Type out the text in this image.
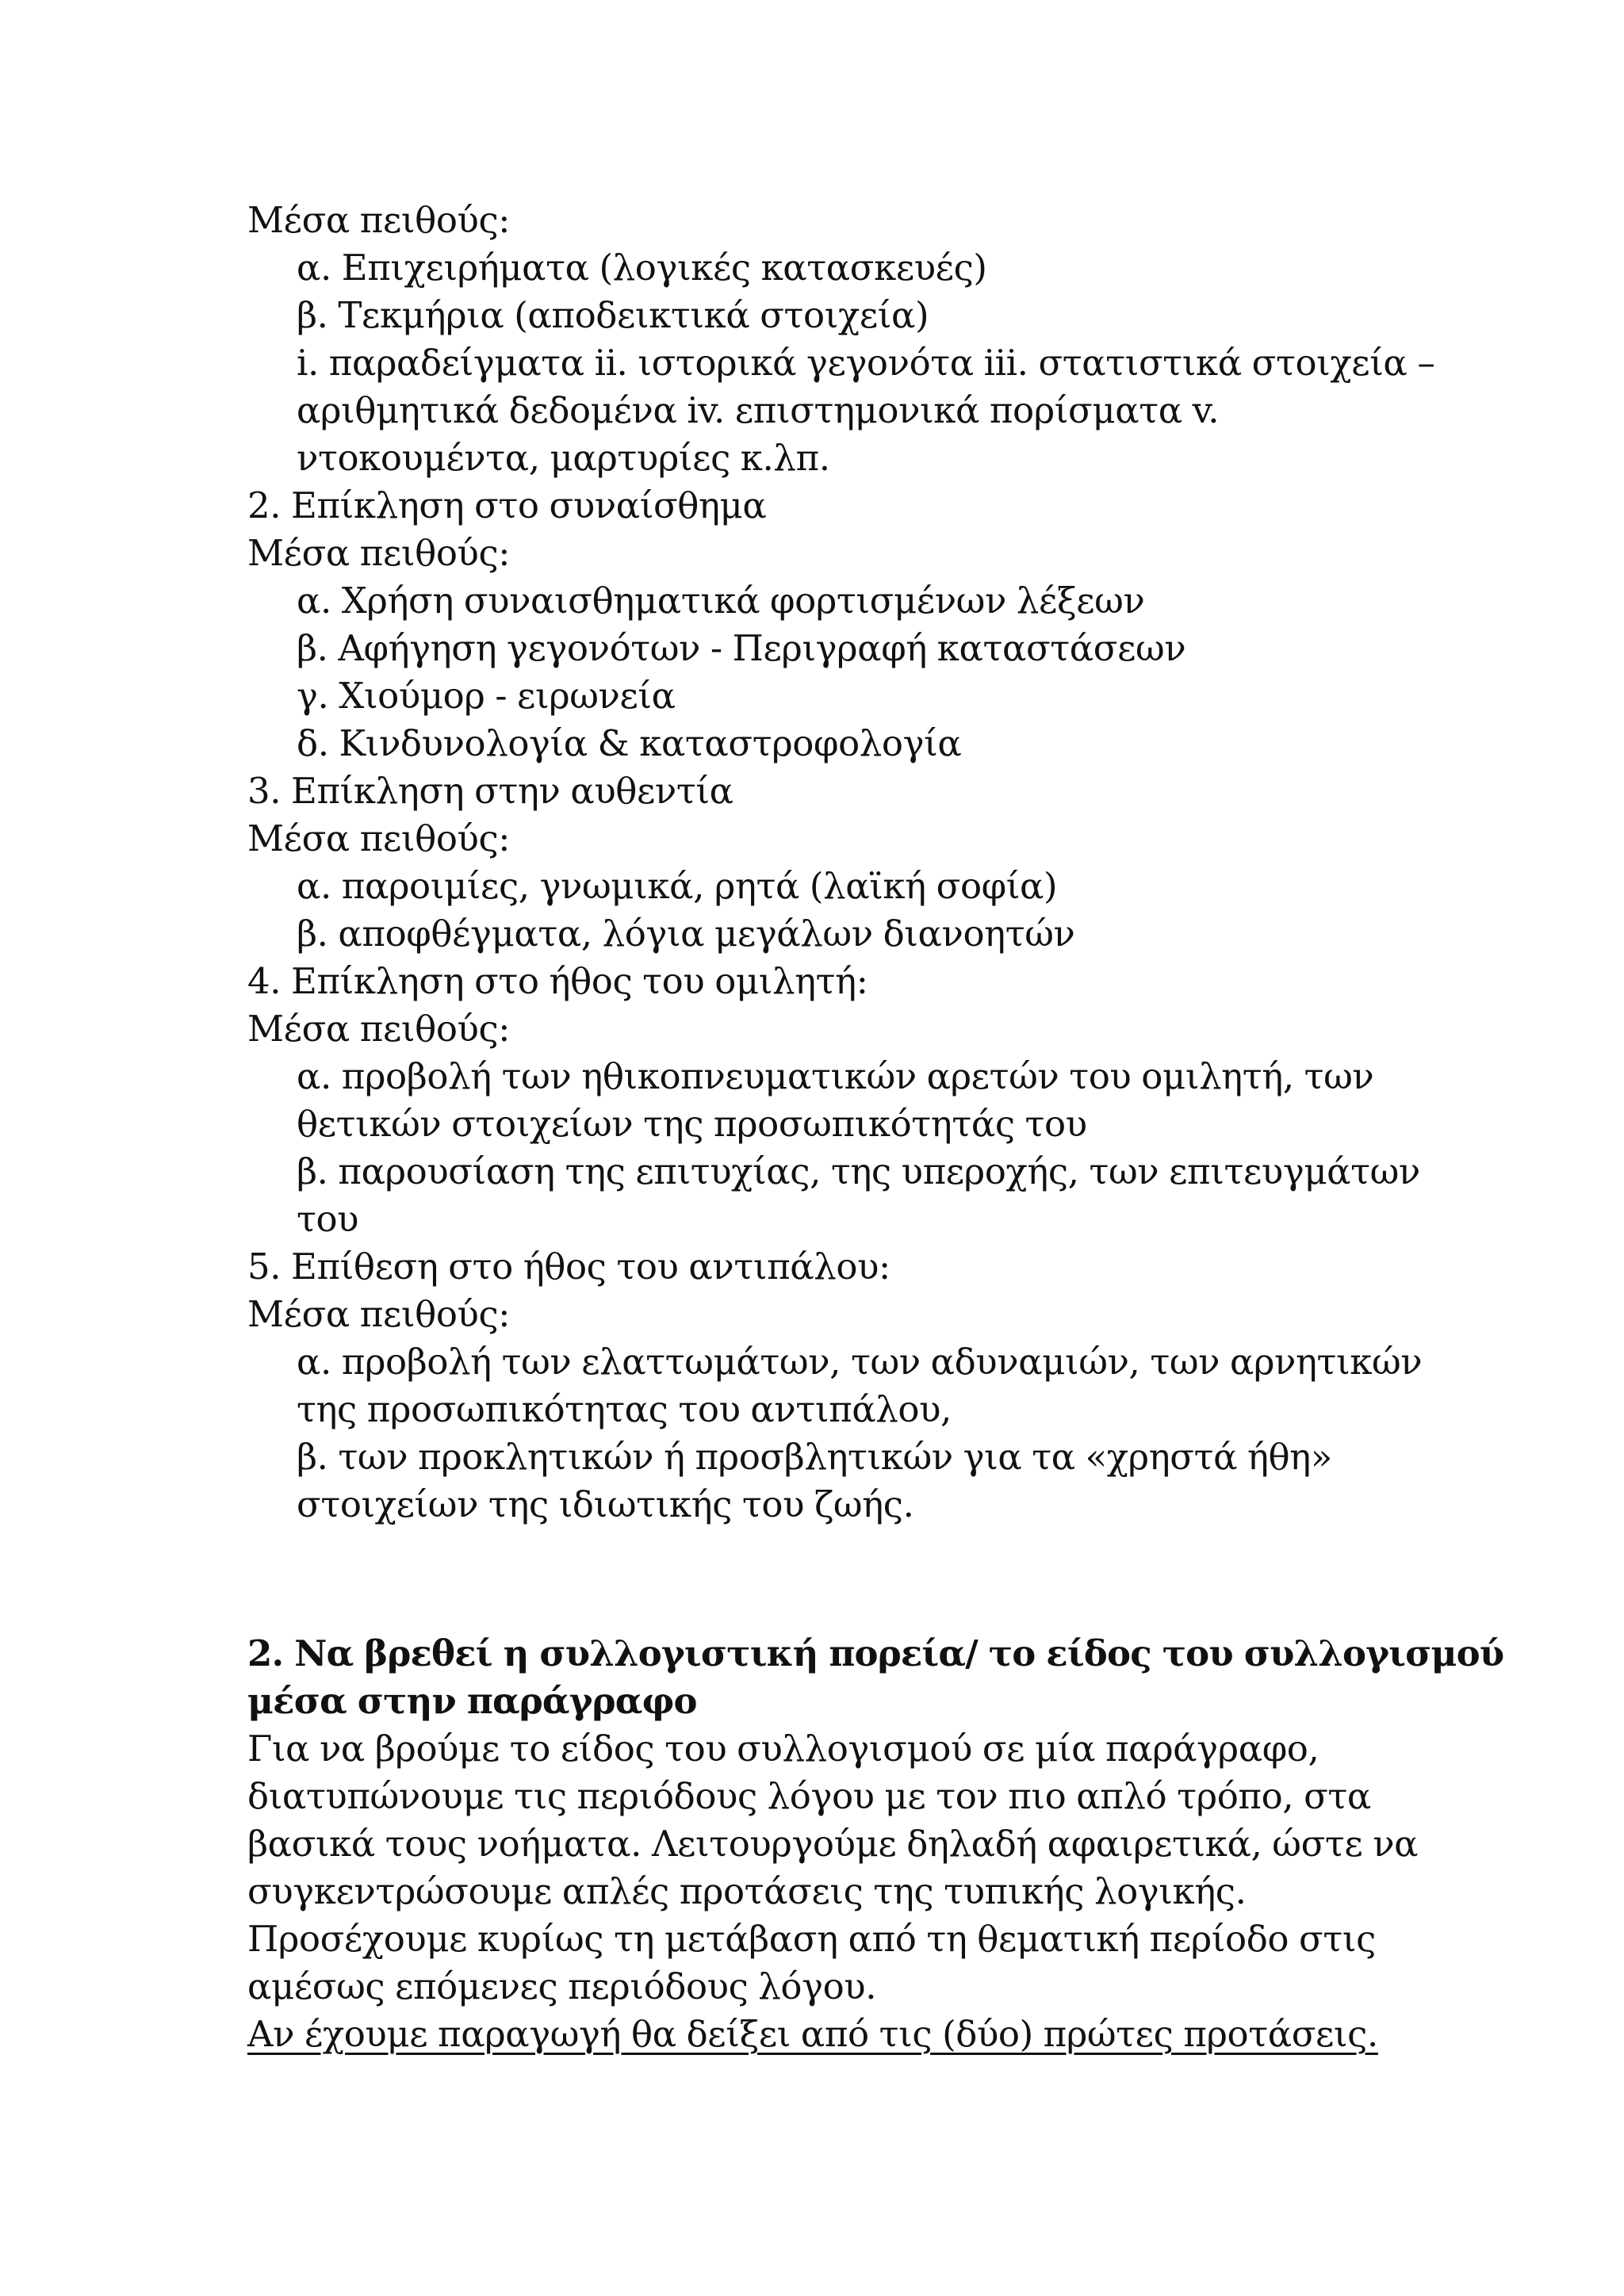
Μέσα πειθούς:
α. Επιχειρήματα (λογικές κατασκευές)
β. Τεκμήρια (αποδεικτικά στοιχεία)
i. παραδείγματα ii. ιστορικά γεγονότα iii. στατιστικά στοιχεία –
αριθμητικά δεδομένα iv. επιστημονικά πορίσματα v.
ντοκουμέντα, μαρτυρίες κ.λπ.
2. Επίκληση στο συναίσθημα
Μέσα πειθούς:
α. Χρήση συναισθηματικά φορτισμένων λέξεων
β. Αφήγηση γεγονότων - Περιγραφή καταστάσεων
γ. Χιούμορ - ειρωνεία
δ. Κινδυνολογία & καταστροφολογία
3. Επίκληση στην αυθεντία
Μέσα πειθούς:
α. παροιμίες, γνωμικά, ρητά (λαϊκή σοφία)
β. αποφθέγματα, λόγια μεγάλων διανοητών
4. Επίκληση στο ήθος του ομιλητή:
Μέσα πειθούς:
α. προβολή των ηθικοπνευματικών αρετών του ομιλητή, των
θετικών στοιχείων της προσωπικότητάς του
β. παρουσίαση της επιτυχίας, της υπεροχής, των επιτευγμάτων
του
5. Επίθεση στο ήθος του αντιπάλου:
Μέσα πειθούς:
α. προβολή των ελαττωμάτων, των αδυναμιών, των αρνητικών
της προσωπικότητας του αντιπάλου,
β. των προκλητικών ή προσβλητικών για τα «χρηστά ήθη»
στοιχείων της ιδιωτικής του ζωής.
2. Να βρεθεί η συλλογιστική πορεία/ το είδος του συλλογισμού
μέσα στην παράγραφο
Για να βρούμε το είδος του συλλογισμού σε μία παράγραφο,
διατυπώνουμε τις περιόδους λόγου με τον πιο απλό τρόπο, στα
βασικά τους νοήματα. Λειτουργούμε δηλαδή αφαιρετικά, ώστε να
συγκεντρώσουμε απλές προτάσεις της τυπικής λογικής.
Προσέχουμε κυρίως τη μετάβαση από τη θεματική περίοδο στις
αμέσως επόμενες περιόδους λόγου.
Αν έχουμε παραγωγή θα δείξει από τις (δύο) πρώτες προτάσεις.
